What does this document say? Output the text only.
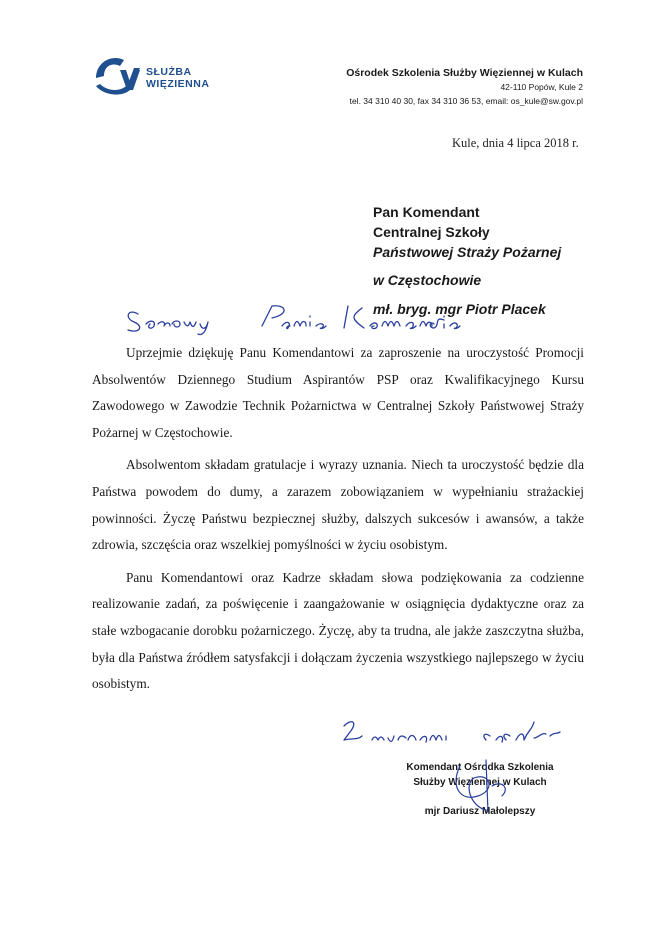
SŁUŻBA
WIĘZIENNA
Ośrodek Szkolenia Służby Więziennej w Kulach
42-110 Popów, Kule 2
tel. 34 310 40 30, fax 34 310 36 53, email: os_kule@sw.gov.pl
Kule, dnia 4 lipca 2018 r.
Pan Komendant
Centralnej Szkoły
Państwowej Straży Pożarnej
w Częstochowie
mł. bryg. mgr Piotr Placek

Uprzejmie dziękuję Panu Komendantowi za zaproszenie na uroczystość Promocji Absolwentów Dziennego Studium Aspirantów PSP oraz Kwalifikacyjnego Kursu Zawodowego w Zawodzie Technik Pożarnictwa w Centralnej Szkoły Państwowej Straży Pożarnej w Częstochowie.

Absolwentom składam gratulacje i wyrazy uznania. Niech ta uroczystość będzie dla Państwa powodem do dumy, a zarazem zobowiązaniem w wypełnianiu strażackiej powinności. Życzę Państwu bezpiecznej służby, dalszych sukcesów i awansów, a także zdrowia, szczęścia oraz wszelkiej pomyślności w życiu osobistym.

Panu Komendantowi oraz Kadrze składam słowa podziękowania za codzienne realizowanie zadań, za poświęcenie i zaangażowanie w osiągnięcia dydaktyczne oraz za stałe wzbogacanie dorobku pożarniczego. Życzę, aby ta trudna, ale jakże zaszczytna służba, była dla Państwa źródłem satysfakcji i dołączam życzenia wszystkiego najlepszego w życiu osobistym.

Komendant Ośrodka Szkolenia
Służby Więziennej w Kulach
mjr Dariusz Małolepszy
